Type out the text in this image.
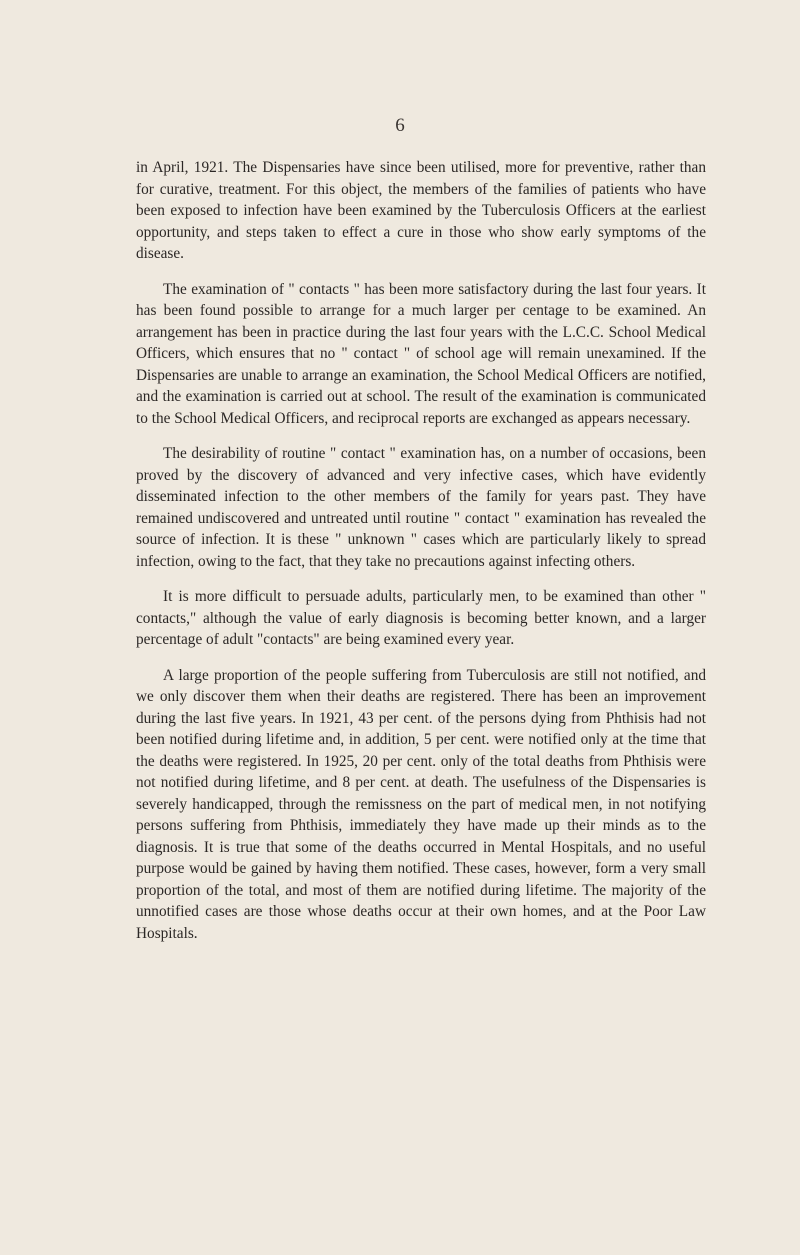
6

in April, 1921. The Dispensaries have since been utilised, more for preventive, rather than for curative, treatment. For this object, the members of the families of patients who have been exposed to infection have been examined by the Tuberculosis Officers at the earliest opportunity, and steps taken to effect a cure in those who show early symptoms of the disease.

The examination of " contacts " has been more satisfactory during the last four years. It has been found possible to arrange for a much larger per centage to be examined. An arrangement has been in practice during the last four years with the L.C.C. School Medical Officers, which ensures that no " contact " of school age will remain unexamined. If the Dispensaries are unable to arrange an examination, the School Medical Officers are notified, and the examination is carried out at school. The result of the examination is communicated to the School Medical Officers, and reciprocal reports are exchanged as appears necessary.

The desirability of routine " contact " examination has, on a number of occasions, been proved by the discovery of advanced and very infective cases, which have evidently disseminated infection to the other members of the family for years past. They have remained undiscovered and untreated until routine " contact " examination has revealed the source of infection. It is these " unknown " cases which are particularly likely to spread infection, owing to the fact, that they take no precautions against infecting others.

It is more difficult to persuade adults, particularly men, to be examined than other " contacts," although the value of early diagnosis is becoming better known, and a larger percentage of adult "contacts" are being examined every year.

A large proportion of the people suffering from Tuberculosis are still not notified, and we only discover them when their deaths are registered. There has been an improvement during the last five years. In 1921, 43 per cent. of the persons dying from Phthisis had not been notified during lifetime and, in addition, 5 per cent. were notified only at the time that the deaths were registered. In 1925, 20 per cent. only of the total deaths from Phthisis were not notified during lifetime, and 8 per cent. at death. The usefulness of the Dispensaries is severely handicapped, through the remissness on the part of medical men, in not notifying persons suffering from Phthisis, immediately they have made up their minds as to the diagnosis. It is true that some of the deaths occurred in Mental Hospitals, and no useful purpose would be gained by having them notified. These cases, however, form a very small proportion of the total, and most of them are notified during lifetime. The majority of the unnotified cases are those whose deaths occur at their own homes, and at the Poor Law Hospitals.
